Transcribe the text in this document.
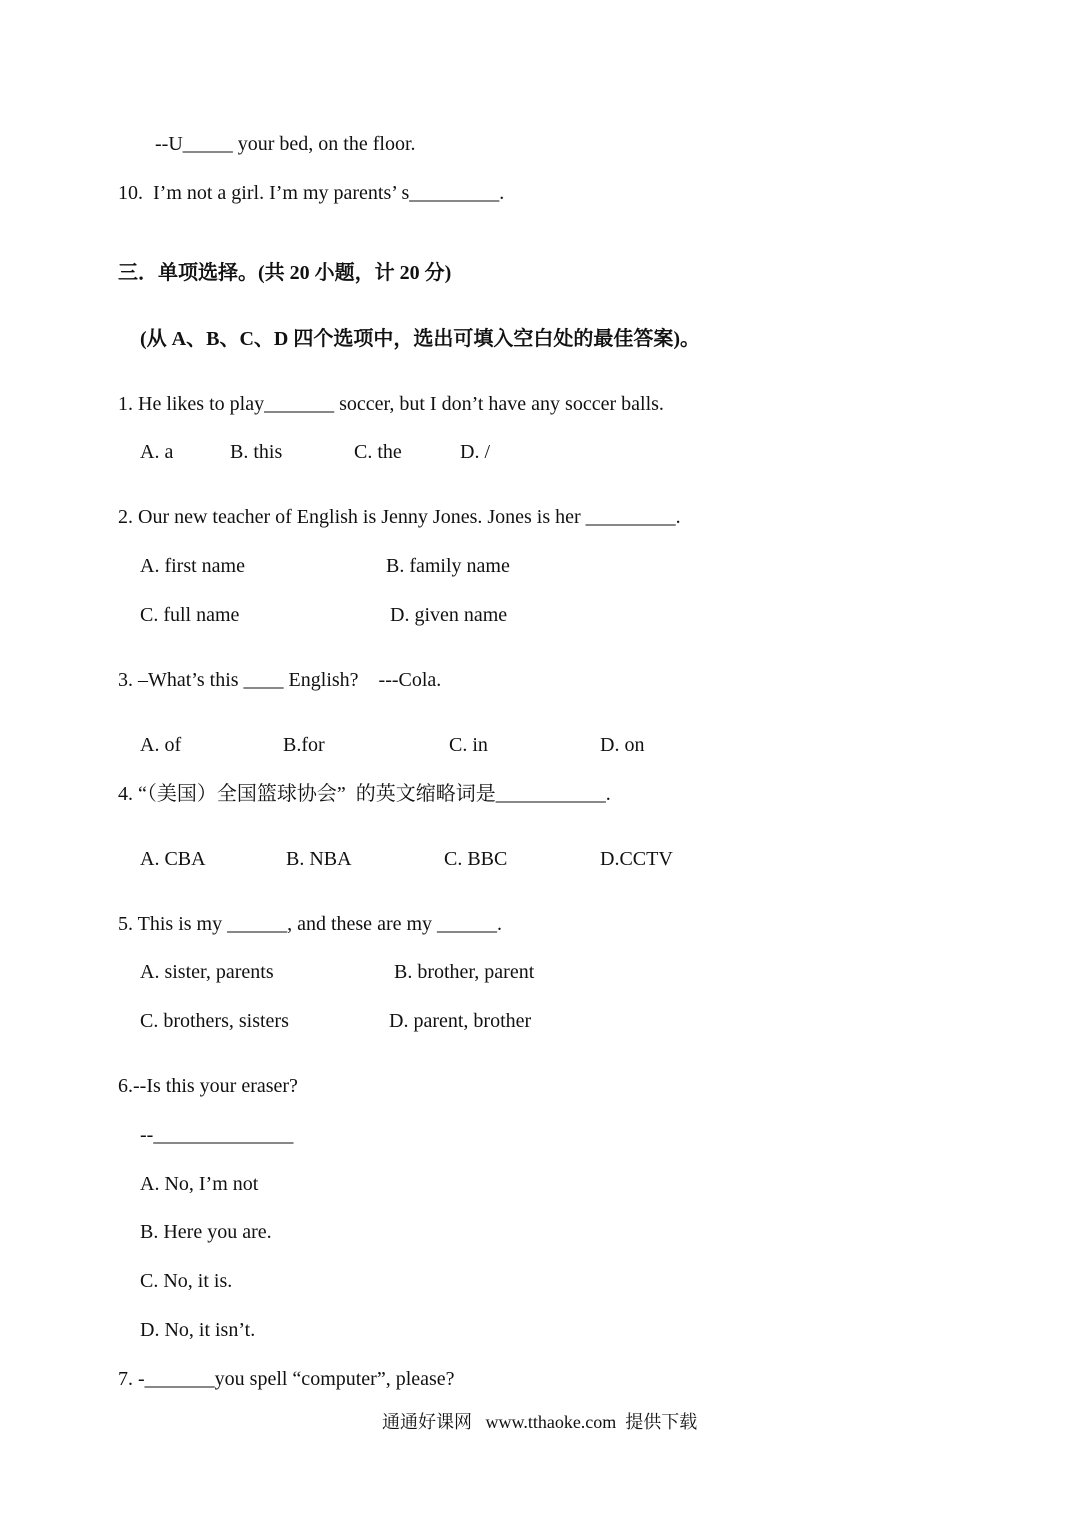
--U_____ your bed, on the floor.
10.  I’m not a girl. I’m my parents’ s_________.
三．单项选择。(共 20 小题，计 20 分)
(从 A、B、C、D 四个选项中，选出可填入空白处的最佳答案)。
1. He likes to play_______ soccer, but I don’t have any soccer balls.
A. a	B. this	C. the	D. /
2. Our new teacher of English is Jenny Jones. Jones is her _________.
A. first name	B. family name
C. full name	D. given name
3. –What’s this ____ English?    ---Cola.
A. of	B.for	C. in	D. on
4. “（美国）全国篮球协会”  的英文缩略词是___________.
A. CBA	B. NBA	C. BBC	D.CCTV
5. This is my ______, and these are my ______.
A. sister, parents	B. brother, parent
C. brothers, sisters	D. parent, brother
6.--Is this your eraser?
--______________
A. No, I’m not
B. Here you are.
C. No, it is.
D. No, it isn’t.
7. -_______you spell “computer”, please?
通通好课网   www.tthaoke.com  提供下载
